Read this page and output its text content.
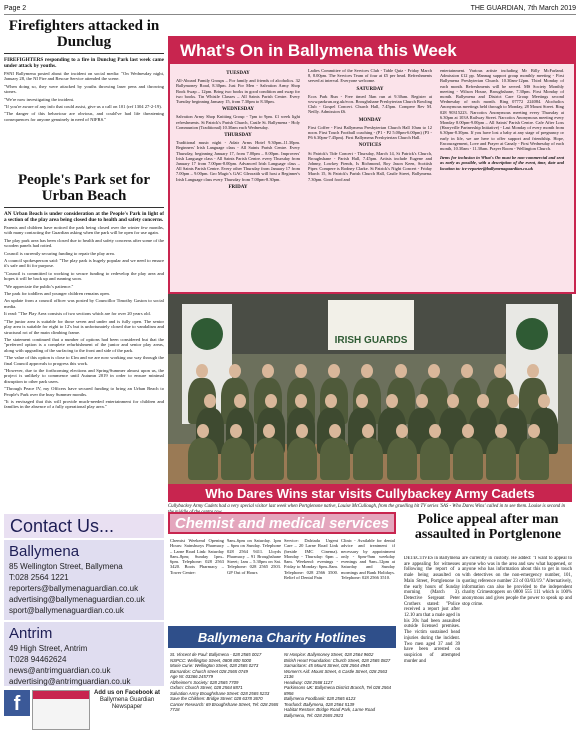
Page 2	THE GUARDIAN, 7th March 2019
Firefighters attacked in Dunclug

FIREFIGHTERS responding to a fire in Dunclug Park last week came under attack by youths.

PSNI Ballymena posted about the incident on social media: "On Wednesday night, January 28, the NI Fire and Rescue Service attended the scene.

"When doing so, they were attacked by youths throwing laser pens and throwing stones.

"We're now investigating the incident.

"If you're aware of any info that could assist, give us a call on 101 (ref 1304 27-2-19).

"The danger of this behaviour are obvious, and could've had life threatening consequences for anyone genuinely in need of NIFRS."

People's Park set for Urban Beach

AN Urban Beach is under consideration at the People's Park in light of a section of the play area being closed due to health and safety concerns.

Parents and children have noticed the park being closed over the winter few months, with many contacting the Guardian asking when the park will be open for use again.

The play park area has been closed due to health and safety concerns after some of the wooden panels had rotted.

Council is currently securing funding to repair the play area.

A council spokesperson said: "The play park is hugely popular and we need to ensure it's safe and fit for purpose.

"Council is committed to working to secure funding to redevelop the play area and hopes it will be back up and running soon.

"We appreciate the public's patience."

The park for toddlers and younger children remains open.

An update from a council officer was posted by Councillor Timothy Gaston to social media.

It read: "The Play Area consists of two sections which are for over 20 years old.

"The junior area is suitable for those seven and under and is fully open. The senior play area is suitable for eight to 12's but is unfortunately closed due to vandalism and structural rot of the main climbing frame.

The statement continued that a number of options had been considered but that the "preferred option is a complete refurbishment of the junior and senior play areas, along with upgrading of the surfacing to the front and side of the park.

"The value of this option is close to £1m and we are now working our way through the final Council approvals to progress this work.

"However, due to the forthcoming elections and Spring/Summer almost upon us, the project is unlikely to commence until Autumn 2019 in order to ensure minimal disruption to other park users.

"Through Peace IV, my Officers have secured funding to bring an Urban Beach to People's Park over the busy Summer months.

"It is envisaged that this will provide much-needed entertainment for children and families in the absence of a fully operational play area."

What's On in Ballymena this Week
TUESDAY
All-Aboard Family Groups – For family and friends of alcoholics. 32 Ballymoney Road, 8.30pm. Just For Men - Salvation Army Shop Book Swap – 12pm. Bring two books in good condition and swap for two books. Tin Whistle Classes – All Saints Parish Centre. Every Tuesday beginning January 15, from 7.30pm to 8.30pm.
WEDNESDAY
Salvation Army Shop Knitting Group - 7pm to 9pm. £1 week light refreshments. St Patrick's Parish Church, Castle St. Ballymena - Holy Communion (Traditional) 10.30am each Wednesday.
THURSDAY
Traditional music night - Adair Arms Hotel 9.30pm–11.30pm. Beginners' Irish Language class - All Saints Parish Centre. Every Thursday, beginning January 17, from 7.00pm – 8.00pm. Improvers' Irish Language class - All Saints Parish Centre. every Thursday from January 17 from 7.00pm-8.00pm. Advanced Irish Language class – All Saints Parish Centre. Every other Thursday from January 17 from 7.00pm – 9.00pm. Gro Magic's GAC Gleoraith will host a Beginner's Irish Language class every Thursday from 7.00pm-8.30pm.
FRIDAY
Ladies Committee of the Services Club - Table Quiz - Friday March 8, 8.00pm. The Services Team of four at £5 per head. Refreshments served at interval. Everyone welcome.
SATURDAY
Ecos Park Run - Free timed 5km run at 9.30am. Register at www.parkrun.org.uk/ecos. Broughshane Presbyterian Church Bowling Club - Gospel Concert. Church Hall, 7.45pm. Compere Rev M. Neilly. Admission £6.
MONDAY
First Coffee - First Ballymena Presbyterian Church Hall 10am to 12 noon. First Touch Football coaching - (P1 - P2 5.00pm-6.00pm) (P3 - P6 6.30pm-7.45pm). First Ballymena Presbyterian Church Hall.
NOTICES
St Patrick's Tide Concert - Thursday, March 14, St Patrick's Church, Broughshane - Parish Hall, 7.45pm. Artists include Eugene and Johnny, Lowkey Fiends, Is Richmond, Roy Jason Keen, Scottish Piper. Compere is Rodney Clarke. St Patrick's Night Concert - Friday March 15, St Patrick's Parish Church Hall, Castle Street, Ballymena. 7.30pm. Good food and
entertainment. Various artiste including Mr Billy McFarland. Admission £12 pp. Mannag support group monthly meeting - First Ballymena Presbyterian Church. 10.30am-12pm. Third Monday of each month. Refreshments will be served. MS Society Monthly meeting - Wilson House, Broughshane, 7.30pm. First Monday of month. Ballymena and District Care Group Meetings second Wednesday of each month. Ring 07772 224084. Alcoholics Anonymous meetings held through to Monday, 28 Mount Street. Ring 028 90315223. Narcotics Anonymous meeting every Thursday at 6.30pm at 103A Railway Street. Narcotics Anonymous meeting every Monday 8.00pm-9.00pm – All Saints' Parish Centre. Cafe After Loss (Harryville Partnership Initiative) - Last Monday of every month from 6.30pm-8.30pm. If you have lost a baby at any stage of pregnancy or early in life, we are here to offer support and friendship. Hope, Encouragement, Love and Prayer at Canaly - First Wednesday of each month, 10.30am - 11.30am. Prayer Room - Wellington Church.
Items for inclusion in What's On must be non-commercial and sent as early as possible, with a description of the event, time, date and location to: ice-reporter@ballymenaguardian.co.uk
IRISH GUARDS
Who Dares Wins star visits Cullybackey Army Cadets
Cullybackey Army Cadets had a very special visitor last week when Portglenone native, Louise McCullough, from the gruelling hit TV series 'SAS - Who Dares Wins' called in to see them. Louise is second in
Contact Us...
Ballymena
85 Wellington Street, Ballymena
T:028 2564 1221
reporters@ballymenaguardian.co.uk
advertising@ballymenaguardian.co.uk
sport@ballymenaguardian.co.uk
Antrim
49 High Street, Antrim
T:028 94462624
news@antrimguardian.co.uk
advertising@antrimguardian.co.uk
f	Add us on Facebook at
Ballymena Guardian Newspaper
Chemist and medical services
Chemist Weekend Opening Hours: Sainsburys Pharmacy – Larne Road Link: Saturday 8am–8pm; Sunday 1pm–6pm. Telephone: 028 2563 3420. Boots Pharmacy – Tower Centre:
9am–6pm on Saturday. 1pm – 6pm on Sunday. Telephone 028 2564 9411. Lloyds Pharmacy – 91 Broughshane Street; 1am – 5.30pm on Sat. Telephone: 028 2565 2503. GP Out of Hours
Service: Dalriada Urgent Care – 20 Larne Road Link (beside IMC Cinema). Monday - Thursday: 6pm – 8am. Weekend: evenings - Friday to Monday: 6pm–8am. Telephone: 028 2566 3500. Relief of Dental Pain
Clinic - Available for dental advice and treatment if necessary by appointment only - 6pm-9am weekday evenings and 9am–12pm at Saturday and Sunday mornings and Bank Holidays. Telephone: 028 2566 3510.
Ballymena Charity Hotlines
St. Vincent de Paul: Ballymena - 028 2565 0017
NSPCC: Wellington Street, 0808 800 5000
Marie Curie: Wellington Street, 028 2565 0273
Barnardos: Church street 028 2565 0749
Age NI: 03366 245779
Alzheimer's Society: 028 2565 7709
Oxfam: Church Street, 028 2564 8871
Salvation Army Broughshane Street: 028 2565 5233
Save the Children: Bridge Street: 028 6378 3670
Cancer Research: 69 Broughshane Street, Tel: 028 2565 7718
NI Hospice: Ballymoney Street, 028 2564 9602
British Heart Foundation: Church Street, 028 2565 0827
Samaritans: 45 Mount Street, 028 2564 4945
Women's Aid: Mount Street, 6 Castle Street, 028 2563 2136
Headway: 028 2568 1127
Parkinsons UK: Ballymena District Branch, Tel 028 2564 8956
Ballymena Foodbank: 028 2565 6123
Tearfund: Ballymena, 028 2564 5139
Habitat Restore: Bridge Road Park, Larne Road Ballymena, Tel: 028 2565 2923
Police appeal after man assaulted in Portglenone
DETECTIVES in Ballymena are appealing for witnesses following the report of a male being assaulted on Main Street, Portglenone in the early hours of Sunday morning (March 3). Detective Sergeant Peter Crothers stated: "Police received a report just after 12.10 am that a male aged in his 20s had been assaulted outside licensed premises. The victim sustained head injuries during the incident. Two men aged 37 and 39 have been arrested on suspicion of attempted murder and
are currently in custody. He added: "I want to appeal to anyone who was in the area and saw what happened, or anyone who has information about this to get in touch with detectives on the non-emergency number, 101, quoting reference number 23 of 03/03/19." Alternatively, information can also be provided to the independent charity Crimestoppers on 0800 555 111 which is 100% anonymous and gives people the power to speak up and stop crime.
